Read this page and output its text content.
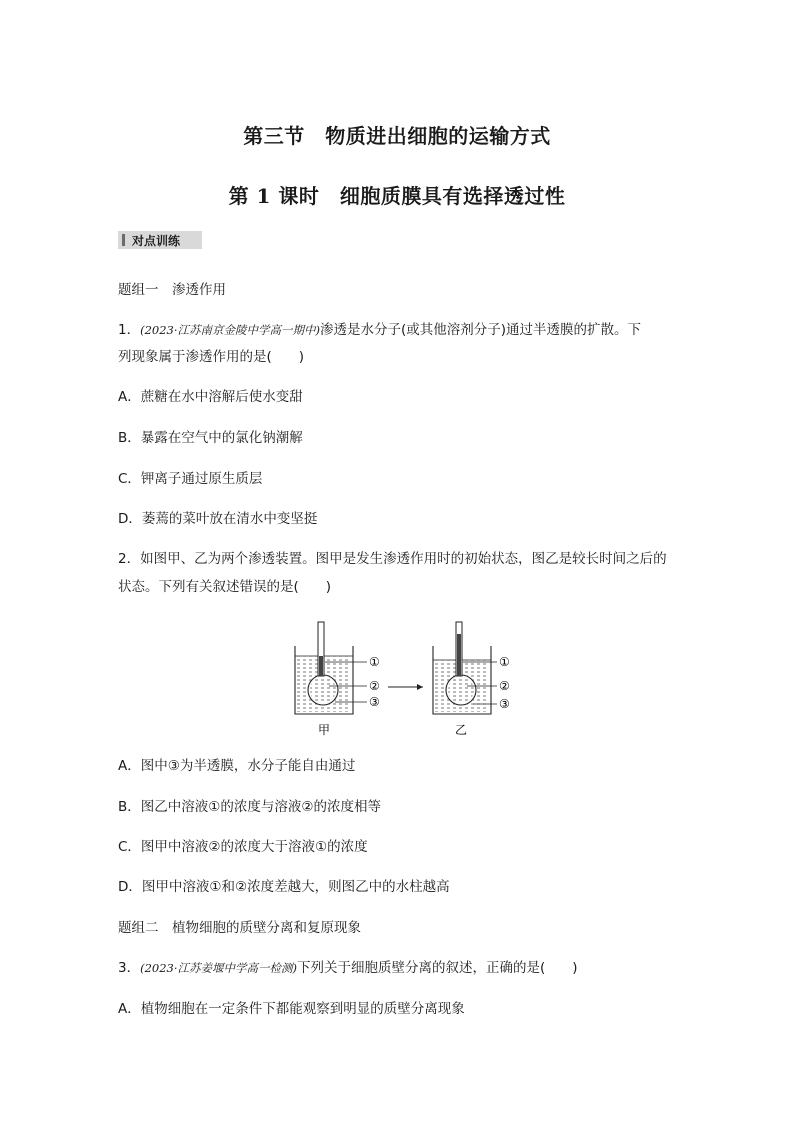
第三节　物质进出细胞的运输方式
第 1 课时　细胞质膜具有选择透过性
对点训练
题组一　渗透作用
1．(2023·江苏南京金陵中学高一期中)渗透是水分子(或其他溶剂分子)通过半透膜的扩散。下
列现象属于渗透作用的是(　　)
A．蔗糖在水中溶解后使水变甜
B．暴露在空气中的氯化钠潮解
C．钾离子通过原生质层
D．萎蔫的菜叶放在清水中变坚挺
2．如图甲、乙为两个渗透装置。图甲是发生渗透作用时的初始状态，图乙是较长时间之后的
状态。下列有关叙述错误的是(　　)
①
②
③
①
②
③
甲	乙
A．图中③为半透膜，水分子能自由通过
B．图乙中溶液①的浓度与溶液②的浓度相等
C．图甲中溶液②的浓度大于溶液①的浓度
D．图甲中溶液①和②浓度差越大，则图乙中的水柱越高
题组二　植物细胞的质壁分离和复原现象
3．(2023·江苏姜堰中学高一检测)下列关于细胞质壁分离的叙述，正确的是(　　)
A．植物细胞在一定条件下都能观察到明显的质壁分离现象
